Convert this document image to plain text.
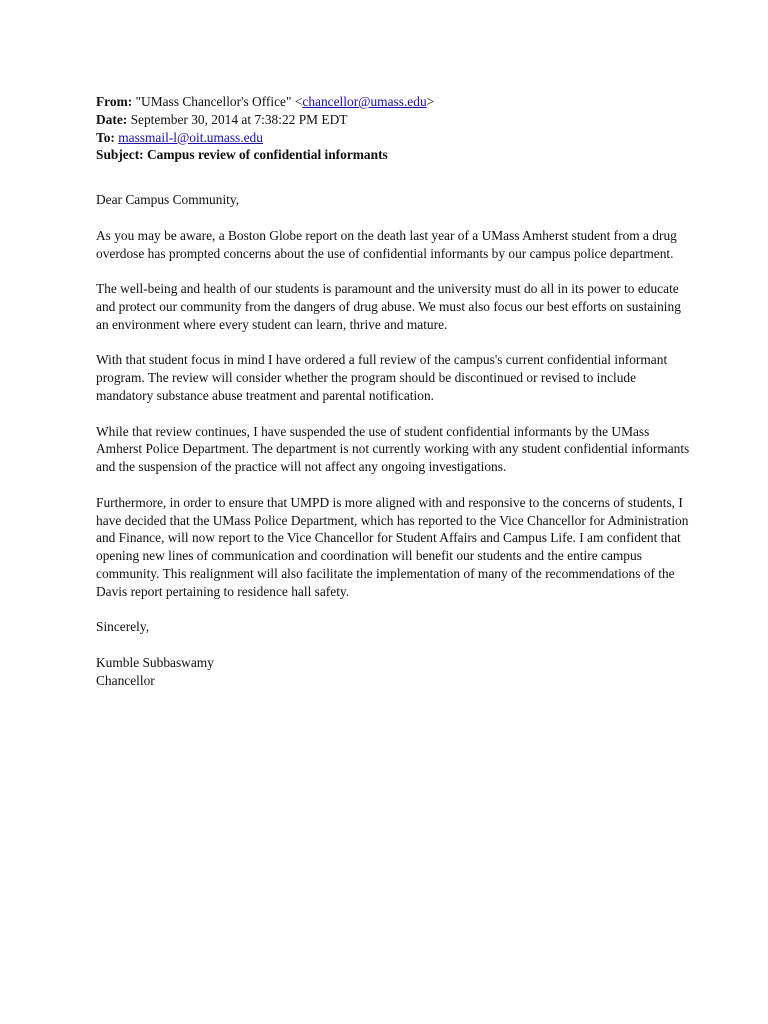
From: "UMass Chancellor's Office" <chancellor@umass.edu>
Date: September 30, 2014 at 7:38:22 PM EDT
To: massmail-l@oit.umass.edu
Subject: Campus review of confidential informants
Dear Campus Community,
As you may be aware, a Boston Globe report on the death last year of a UMass Amherst student from a drug overdose has prompted concerns about the use of confidential informants by our campus police department.
The well-being and health of our students is paramount and the university must do all in its power to educate and protect our community from the dangers of drug abuse. We must also focus our best efforts on sustaining an environment where every student can learn, thrive and mature.
With that student focus in mind I have ordered a full review of the campus's current confidential informant program. The review will consider whether the program should be discontinued or revised to include mandatory substance abuse treatment and parental notification.
While that review continues, I have suspended the use of student confidential informants by the UMass Amherst Police Department. The department is not currently working with any student confidential informants and the suspension of the practice will not affect any ongoing investigations.
Furthermore, in order to ensure that UMPD is more aligned with and responsive to the concerns of students, I have decided that the UMass Police Department, which has reported to the Vice Chancellor for Administration and Finance, will now report to the Vice Chancellor for Student Affairs and Campus Life. I am confident that opening new lines of communication and coordination will benefit our students and the entire campus community. This realignment will also facilitate the implementation of many of the recommendations of the Davis report pertaining to residence hall safety.
Sincerely,
Kumble Subbaswamy
Chancellor
